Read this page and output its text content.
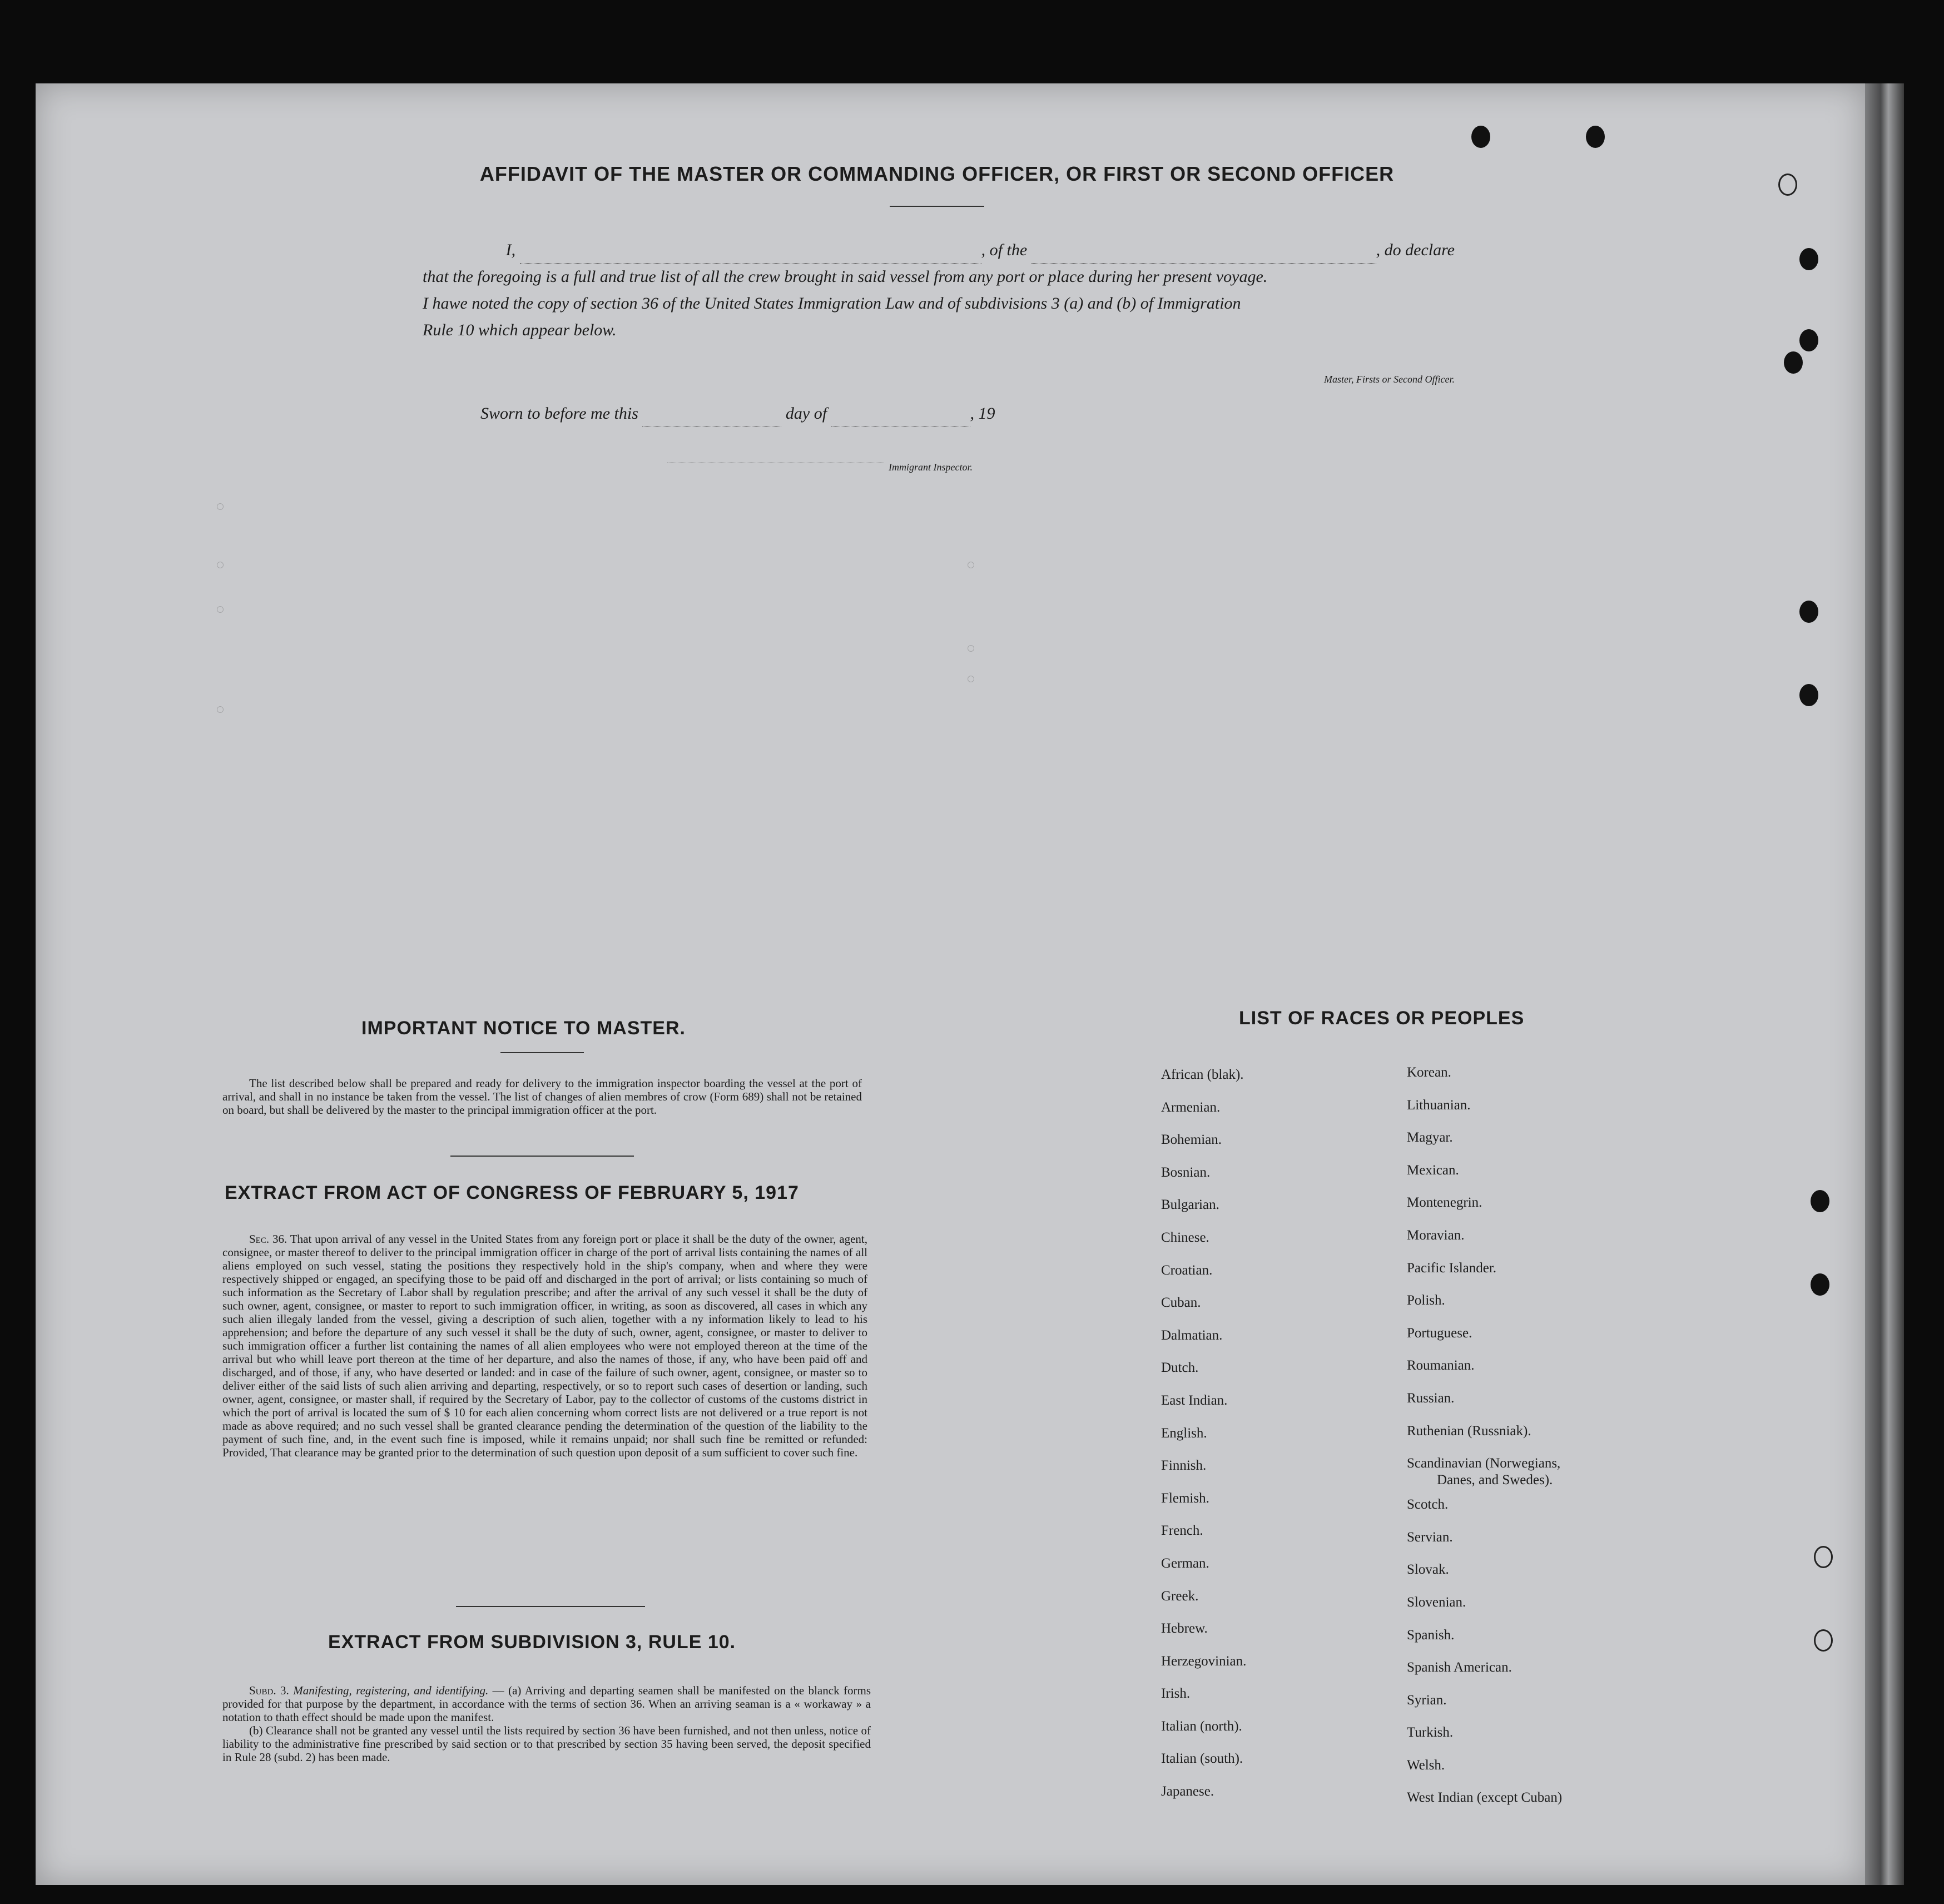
AFFIDAVIT OF THE MASTER OR COMMANDING OFFICER, OR FIRST OR SECOND OFFICER
I,	, of the	, do declare
that the foregoing is a full and true list of all the crew brought in said vessel from any port or place during her present voyage.
I hawe noted the copy of section 36 of the United States Immigration Law and of subdivisions 3 (a) and (b) of Immigration
Rule 10 which appear below.
Master, Firsts or Second Officer.
Sworn to before me this	day of	, 19
Immigrant Inspector.
IMPORTANT NOTICE TO MASTER.
The list described below shall be prepared and ready for delivery to the immigration inspector boarding the vessel at the port of arrival, and shall in no instance be taken from the vessel. The list of changes of alien membres of crow (Form 689) shall not be retained on board, but shall be delivered by the master to the principal immigration officer at the port.
EXTRACT FROM ACT OF CONGRESS OF FEBRUARY 5, 1917
Sec. 36. That upon arrival of any vessel in the United States from any foreign port or place it shall be the duty of the owner, agent, consignee, or master thereof to deliver to the principal immigration officer in charge of the port of arrival lists containing the names of all aliens employed on such vessel, stating the positions they respectively hold in the ship's company, when and where they were respectively shipped or engaged, an specifying those to be paid off and discharged in the port of arrival; or lists containing so much of such information as the Secretary of Labor shall by regulation prescribe; and after the arrival of any such vessel it shall be the duty of such owner, agent, consignee, or master to report to such immigration officer, in writing, as soon as discovered, all cases in which any such alien illegaly landed from the vessel, giving a description of such alien, together with a ny information likely to lead to his apprehension; and before the departure of any such vessel it shall be the duty of such, owner, agent, consignee, or master to deliver to such immigration officer a further list containing the names of all alien employees who were not employed thereon at the time of the arrival but who whill leave port thereon at the time of her departure, and also the names of those, if any, who have been paid off and discharged, and of those, if any, who have deserted or landed: and in case of the failure of such owner, agent, consignee, or master so to deliver either of the said lists of such alien arriving and departing, respectively, or so to report such cases of desertion or landing, such owner, agent, consignee, or master shall, if required by the Secretary of Labor, pay to the collector of customs of the customs district in which the port of arrival is located the sum of $ 10 for each alien concerning whom correct lists are not delivered or a true report is not made as above required; and no such vessel shall be granted clearance pending the determination of the question of the liability to the payment of such fine, and, in the event such fine is imposed, while it remains unpaid; nor shall such fine be remitted or refunded: Provided, That clearance may be granted prior to the determination of such question upon deposit of a sum sufficient to cover such fine.
EXTRACT FROM SUBDIVISION 3, RULE 10.
Subd. 3. Manifesting, registering, and identifying. — (a) Arriving and departing seamen shall be manifested on the blanck forms provided for that purpose by the department, in accordance with the terms of section 36. When an arriving seaman is a « workaway » a notation to thath effect should be made upon the manifest.
(b) Clearance shall not be granted any vessel until the lists required by section 36 have been furnished, and not then unless, notice of liability to the administrative fine prescribed by said section or to that prescribed by section 35 having been served, the deposit specified in Rule 28 (subd. 2) has been made.
LIST OF RACES OR PEOPLES
African (blak).
Armenian.
Bohemian.
Bosnian.
Bulgarian.
Chinese.
Croatian.
Cuban.
Dalmatian.
Dutch.
East Indian.
English.
Finnish.
Flemish.
French.
German.
Greek.
Hebrew.
Herzegovinian.
Irish.
Italian (north).
Italian (south).
Japanese.
Korean.
Lithuanian.
Magyar.
Mexican.
Montenegrin.
Moravian.
Pacific Islander.
Polish.
Portuguese.
Roumanian.
Russian.
Ruthenian (Russniak).
Scandinavian (Norwegians,
Danes, and Swedes).
Scotch.
Servian.
Slovak.
Slovenian.
Spanish.
Spanish American.
Syrian.
Turkish.
Welsh.
West Indian (except Cuban)
